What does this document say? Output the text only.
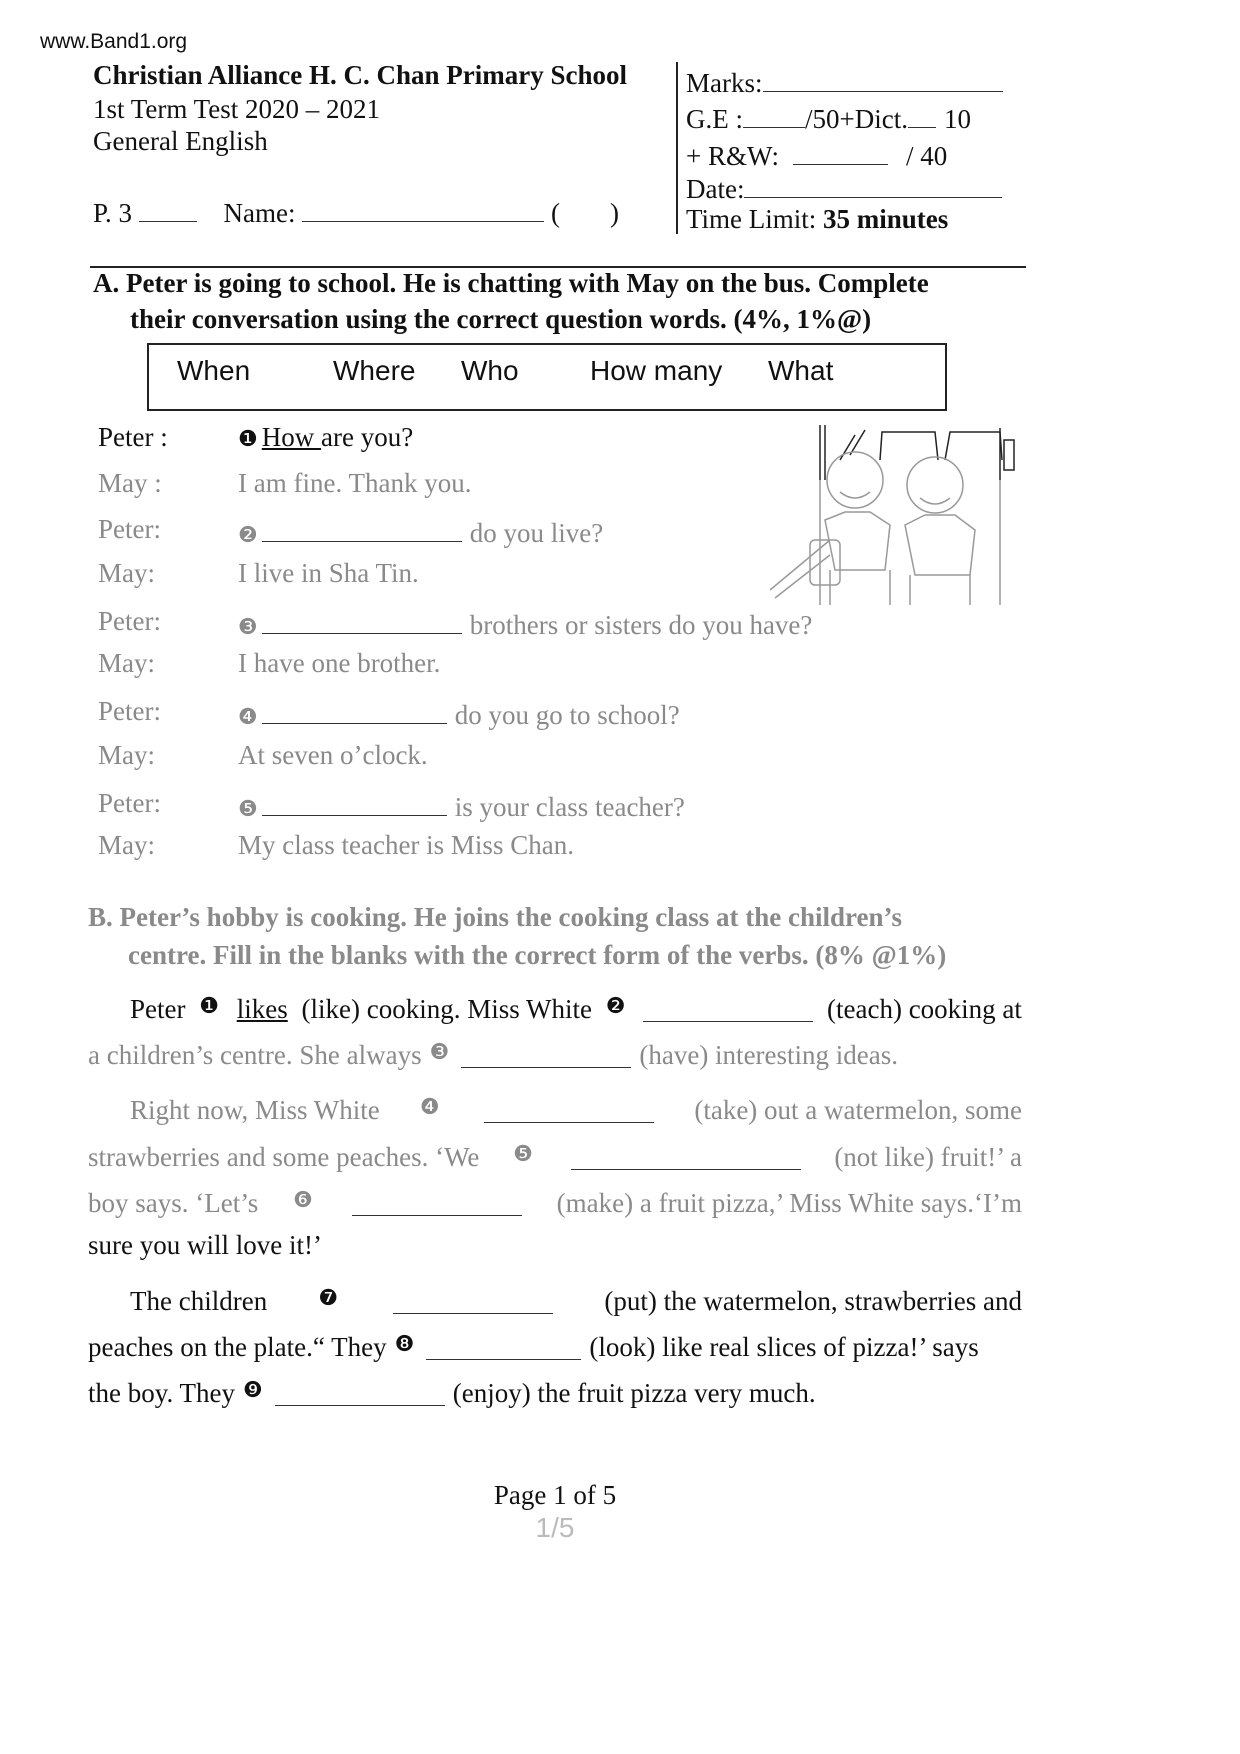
www.Band1.org
Christian Alliance H. C. Chan Primary School
1st Term Test 2020 – 2021
General English
P. 3	Name:	( )
Marks:
G.E : /50+Dict. 10
+ R&W:	/ 40
Date:
Time Limit: 35 minutes
A. Peter is going to school. He is chatting with May on the bus. Complete
their conversation using the correct question words. (4%, 1%@)
When	Where Who	How many What
Peter :	❶ How are you?
May :	I am fine. Thank you.
Peter:	❷	do you live?
May:	I live in Sha Tin.
Peter:	❸	brothers or sisters do you have?
May:	I have one brother.
Peter:	❹	do you go to school?
May:	At seven o’clock.
Peter:	❺	is your class teacher?
May:	My class teacher is Miss Chan.
B. Peter’s hobby is cooking. He joins the cooking class at the children’s
centre. Fill in the blanks with the correct form of the verbs. (8% @1%)
Peter ❶ likes (like) cooking. Miss White ❷	(teach) cooking at
a children’s centre. She always ❸	(have) interesting ideas.
Right now, Miss White ❹	(take) out a watermelon, some
strawberries and some peaches. ‘We ❺	(not like) fruit!’ a
boy says. ‘Let’s ❻	(make) a fruit pizza,’ Miss White says.‘I’m
sure you will love it!’
The children ❼	(put) the watermelon, strawberries and
peaches on the plate.“ They ❽	(look) like real slices of pizza!’ says
the boy. They ❾	(enjoy) the fruit pizza very much.
Page 1 of 5
1/5
